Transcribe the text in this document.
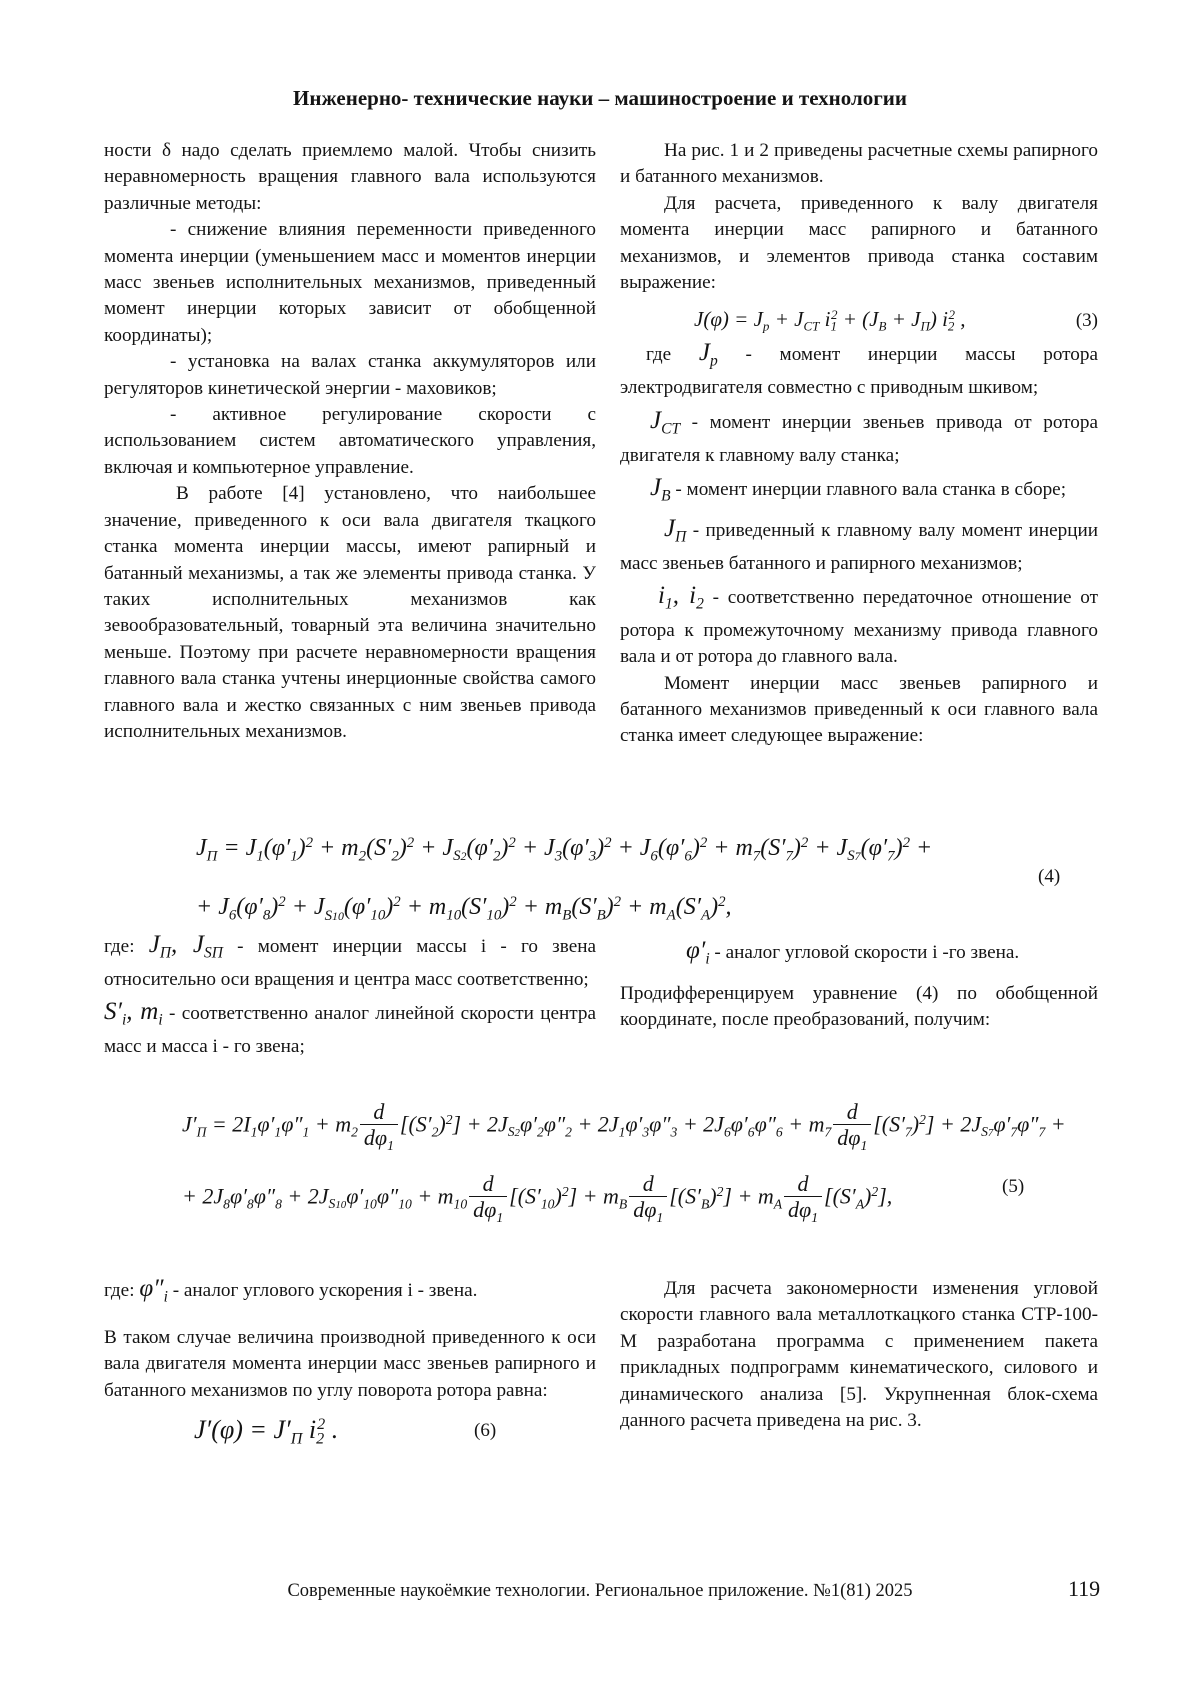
Инженерно- технические науки – машиностроение и технологии

ности δ надо сделать приемлемо малой. Чтобы снизить неравномерность вращения главного вала используются различные методы:

- снижение влияния переменности приведенного момента инерции (уменьшением масс и моментов инерции масс звеньев исполнительных механизмов, приведенный момент инерции которых зависит от обобщенной координаты);

- установка на валах станка аккумуляторов или регуляторов кинетической энергии - маховиков;

- активное регулирование скорости с использованием систем автоматического управления, включая и компьютерное управление.

В работе [4] установлено, что наибольшее значение, приведенного к оси вала двигателя ткацкого станка момента инерции массы, имеют рапирный и батанный механизмы, а так же элементы привода станка. У таких исполнительных механизмов как зевообразовательный, товарный эта величина значительно меньше. Поэтому при расчете неравномерности вращения главного вала станка учтены инерционные свойства самого главного вала и жестко связанных с ним звеньев привода исполнительных механизмов.

На рис. 1 и 2 приведены расчетные схемы рапирного и батанного механизмов.

Для расчета, приведенного к валу двигателя момента инерции масс рапирного и батанного механизмов, и элементов привода станка составим выражение:

$J(\varphi) = J_p + J_{CT}$ $i_1^2 + (J_B + J_П)$ $i_2^2$ ,	(3)

где $J_p$ - момент инерции массы ротора электродвигателя совместно с приводным шкивом;

$J_{CT}$ - момент инерции звеньев привода от ротора двигателя к главному валу станка;

$J_B$ - момент инерции главного вала станка в сборе;

$J_П$ - приведенный к главному валу момент инерции масс звеньев батанного и рапирного механизмов;

$i_1$, $i_2$ - соответственно передаточное отношение от ротора к промежуточному механизму привода главного вала и от ротора до главного вала.

Момент инерции масс звеньев рапирного и батанного механизмов приведенный к оси главного вала станка имеет следующее выражение:

$J_П = J_1(\varphi'_1)^2 + m_2(S'_2)^2 + J_{S2}(\varphi'_2)^2 + J_3(\varphi'_3)^2 + J_6(\varphi'_6)^2 + m_7(S'_7)^2 + J_{S7}(\varphi'_7)^2$ +
+ $J_6(\varphi'_8)^2 + J_{S10}(\varphi'_{10})^2 + m_{10}(S'_{10})^2 + m_B(S'_B)^2 + m_A(S'_A)^2$,
(4)

где: $J_П$, $J_{SП}$ - момент инерции массы i - го звена относительно оси вращения и центра масс соответственно;

$S'_i$, $m_i$ - соответственно аналог линейной скорости центра масс и масса i - го звена;

$\varphi'_i$ - аналог угловой скорости i -го звена.

Продифференцируем уравнение (4) по обобщенной координате, после преобразований, получим:

$J'_П = 2I_1\varphi'_1\varphi''_1 + m_2 \frac{d}{d\varphi_1} [(S'_2)^2] + 2J_{S2}\varphi'_2\varphi''_2 + 2J_1\varphi'_3\varphi''_3 + 2J_6\varphi'_6\varphi''_6 + m_7 \frac{d}{d\varphi_1} [(S'_7)^2] + 2J_{S7}\varphi'_7\varphi''_7$ +
+ $2J_8\varphi'_8\varphi''_8 + 2J_{S10}\varphi'_{10}\varphi''_{10} + m_{10} \frac{d}{d\varphi_1} [(S'_{10})^2] + m_B \frac{d}{d\varphi_1} [(S'_B)^2] + m_A \frac{d}{d\varphi_1} [(S'_A)^2]$,	(5)

где: $\varphi''_i$ - аналог углового ускорения i - звена.

В таком случае величина производной приведенного к оси вала двигателя момента инерции масс звеньев рапирного и батанного механизмов по углу поворота ротора равна:

$J'(\varphi) = J'_П$ $i_2^2$ .	(6)

Для расчета закономерности изменения угловой скорости главного вала металлоткацкого станка СТР-100-М разработана программа с применением пакета прикладных подпрограмм кинематического, силового и динамического анализа [5]. Укрупненная блок-схема данного расчета приведена на рис. 3.

Современные наукоёмкие технологии. Региональное приложение. №1(81) 2025	119
